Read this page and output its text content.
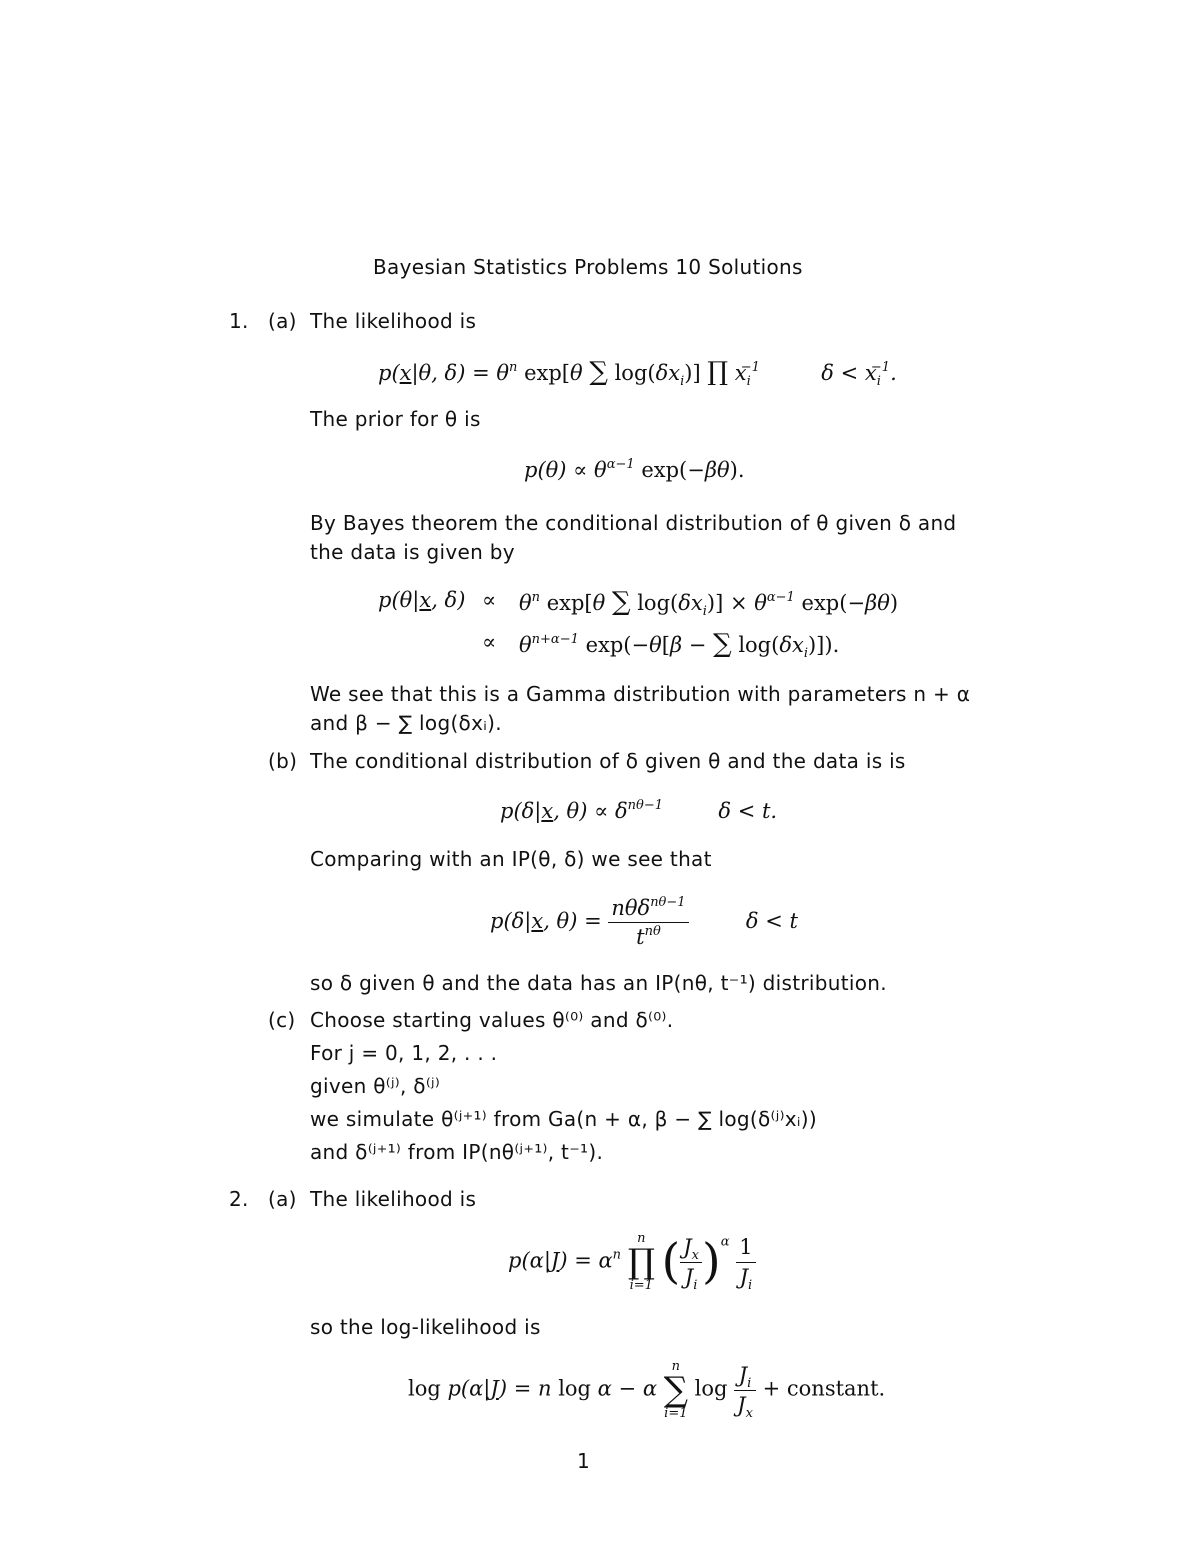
Bayesian Statistics Problems 10 Solutions
1. (a) The likelihood is
p(x|θ, $\delta) = \theta^n$ exp[θ ∑ $\log(\delta x_i)$] ∏ $x_i^{-1}$	$\delta < x_i^{-1}$.
The prior for θ is
$p(\theta) \propto \theta^{\alpha-1}$ exp(−βθ).
By Bayes theorem the conditional distribution of θ given δ and
the data is given by
p(θ|x, $\delta) \propto \theta^n$ exp[θ ∑ $\log(\delta x_i)] \times \theta^{\alpha-1}$ exp(−βθ)
∝ $\theta^{n+\alpha-1}$ exp(−θ[β − ∑ $\log(\delta x_i)$]).
We see that this is a Gamma distribution with parameters n + α
and β − ∑ log(δxᵢ).
(b) The conditional distribution of δ given θ and the data is is
p(δ|x, $\theta) \propto \delta^{n\theta-1}$  δ < t.
Comparing with an IP(θ, δ) we see that
p(δ|x, $\theta) = \frac{n\theta\delta^{n\theta-1}}{t^{n\theta}}$ δ < t
so δ given θ and the data has an IP(nθ, t⁻¹) distribution.
(c) Choose starting values θ⁽⁰⁾ and δ⁽⁰⁾.
For j = 0, 1, 2, . . .
given θ⁽ʲ⁾, δ⁽ʲ⁾
we simulate θ⁽ʲ⁺¹⁾ from Ga(n + α, β − ∑ log(δ⁽ʲ⁾xᵢ))
and δ⁽ʲ⁺¹⁾ from IP(nθ⁽ʲ⁺¹⁾, t⁻¹).
2. (a) The likelihood is
$p(\alpha|J) = \alpha^n$
n
∏
i=1 ( $\frac{J_x}{J_i} )^\alpha \frac{1}{J_i}$
so the log-likelihood is
log p(α|J) = n log α − α
n
∑
i=1
$\log \frac{J_i}{J_x}$ + constant.
1
